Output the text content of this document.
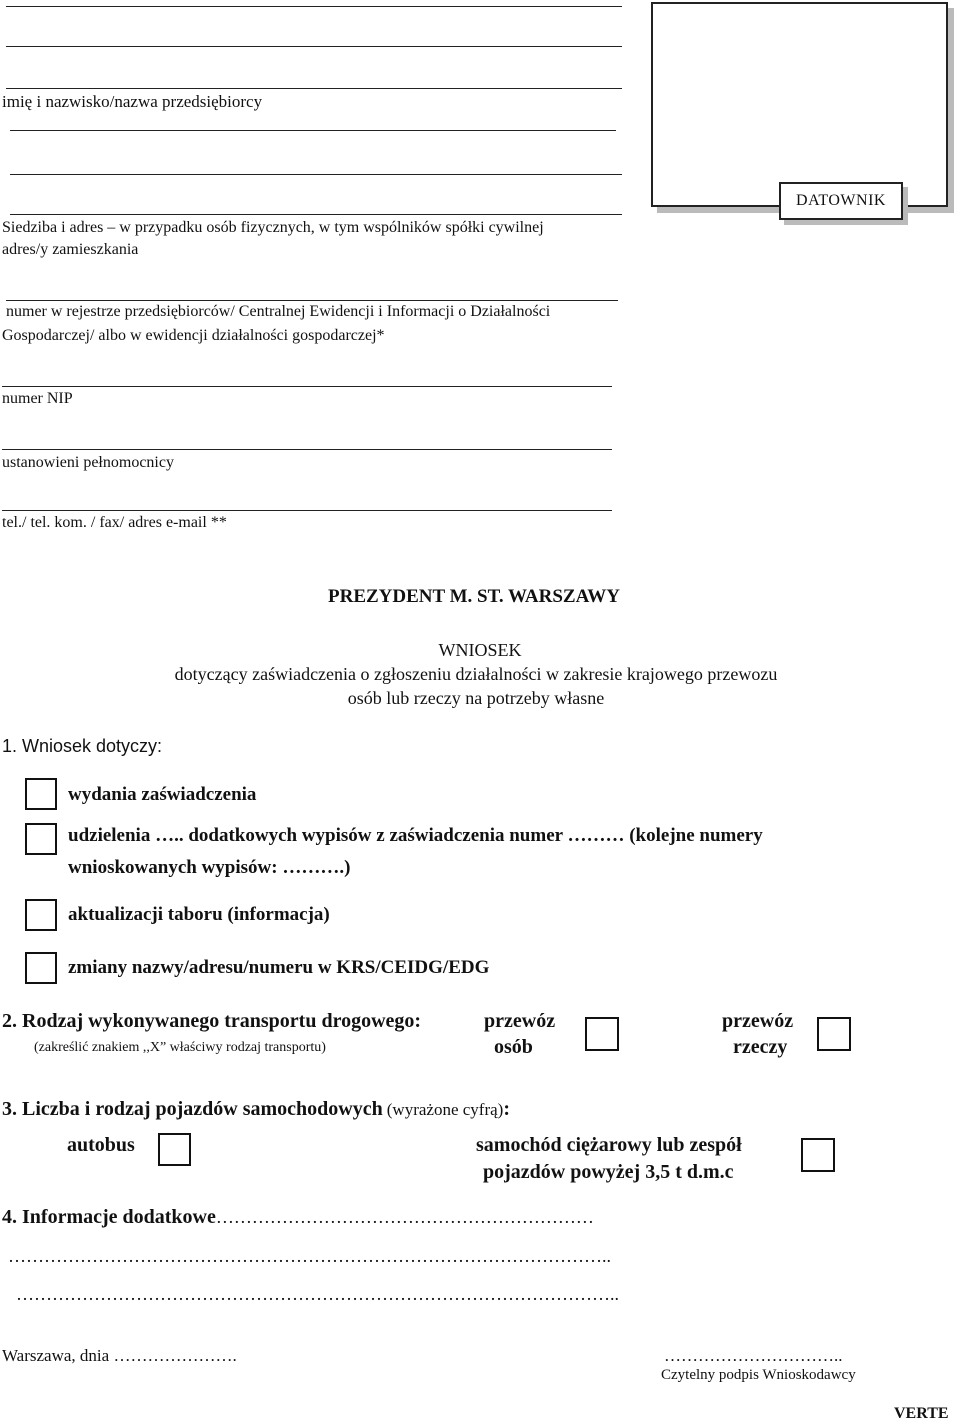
imię i nazwisko/nazwa przedsiębiorcy
Siedziba i adres – w przypadku osób fizycznych, w tym wspólników spółki cywilnej
adres/y zamieszkania
numer w rejestrze przedsiębiorców/ Centralnej Ewidencji i Informacji o Działalności
Gospodarczej/ albo w ewidencji działalności gospodarczej*
numer NIP
ustanowieni pełnomocnicy
tel./ tel. kom. / fax/ adres e-mail **
DATOWNIK
PREZYDENT M. ST. WARSZAWY
WNIOSEK
dotyczący zaświadczenia o zgłoszeniu działalności w zakresie krajowego przewozu
osób lub rzeczy na potrzeby własne
1. Wniosek dotyczy:
wydania zaświadczenia
udzielenia ….. dodatkowych wypisów z zaświadczenia numer ……… (kolejne numery
wnioskowanych wypisów: ……….)
aktualizacji taboru (informacja)
zmiany nazwy/adresu/numeru w KRS/CEIDG/EDG
2. Rodzaj wykonywanego transportu drogowego:
(zakreślić znakiem ,,X” właściwy rodzaj transportu)
przewóz
osób
przewóz
rzeczy
3. Liczba i rodzaj pojazdów samochodowych (wyrażone cyfrą):
autobus	samochód ciężarowy lub zespół
pojazdów powyżej 3,5 t d.m.c
4. Informacje dodatkowe………………………………………………………
………………………………………………………………………………………..
………………………………………………………………………………………..
Warszawa, dnia ………………….	…………………………..
Czytelny podpis Wnioskodawcy
VERTE
